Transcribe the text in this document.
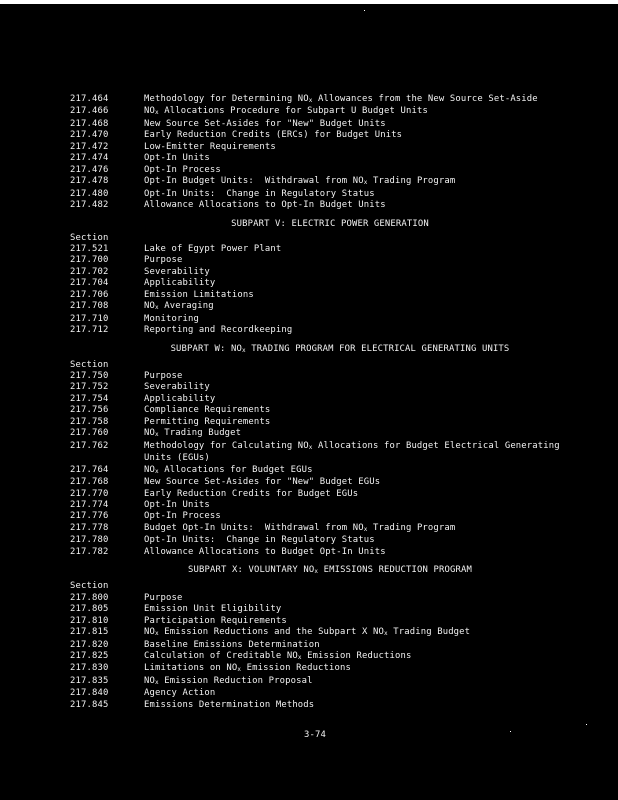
217.464	Methodology for Determining $NO_x$ Allowances from the New Source Set-Aside
217.466	$NO_x$ Allocations Procedure for Subpart U Budget Units
217.468	New Source Set-Asides for "New" Budget Units
217.470	Early Reduction Credits (ERCs) for Budget Units
217.472	Low-Emitter Requirements
217.474	Opt-In Units
217.476	Opt-In Process
217.478	Opt-In Budget Units:  Withdrawal from $NO_x$ Trading Program
217.480	Opt-In Units:  Change in Regulatory Status
217.482	Allowance Allocations to Opt-In Budget Units
SUBPART V: ELECTRIC POWER GENERATION
Section
217.521	Lake of Egypt Power Plant
217.700	Purpose
217.702	Severability
217.704	Applicability
217.706	Emission Limitations
217.708	$NO_x$ Averaging
217.710	Monitoring
217.712	Reporting and Recordkeeping
SUBPART W: $NO_x$ TRADING PROGRAM FOR ELECTRICAL GENERATING UNITS
Section
217.750	Purpose
217.752	Severability
217.754	Applicability
217.756	Compliance Requirements
217.758	Permitting Requirements
217.760	$NO_x$ Trading Budget
217.762	Methodology for Calculating $NO_x$ Allocations for Budget Electrical Generating Units (EGUs)
217.764	$NO_x$ Allocations for Budget EGUs
217.768	New Source Set-Asides for "New" Budget EGUs
217.770	Early Reduction Credits for Budget EGUs
217.774	Opt-In Units
217.776	Opt-In Process
217.778	Budget Opt-In Units:  Withdrawal from $NO_x$ Trading Program
217.780	Opt-In Units:  Change in Regulatory Status
217.782	Allowance Allocations to Budget Opt-In Units
SUBPART X: VOLUNTARY $NO_x$ EMISSIONS REDUCTION PROGRAM
Section
217.800	Purpose
217.805	Emission Unit Eligibility
217.810	Participation Requirements
217.815	$NO_x$ Emission Reductions and the Subpart X $NO_x$ Trading Budget
217.820	Baseline Emissions Determination
217.825	Calculation of Creditable $NO_x$ Emission Reductions
217.830	Limitations on $NO_x$ Emission Reductions
217.835	$NO_x$ Emission Reduction Proposal
217.840	Agency Action
217.845	Emissions Determination Methods
3-74
